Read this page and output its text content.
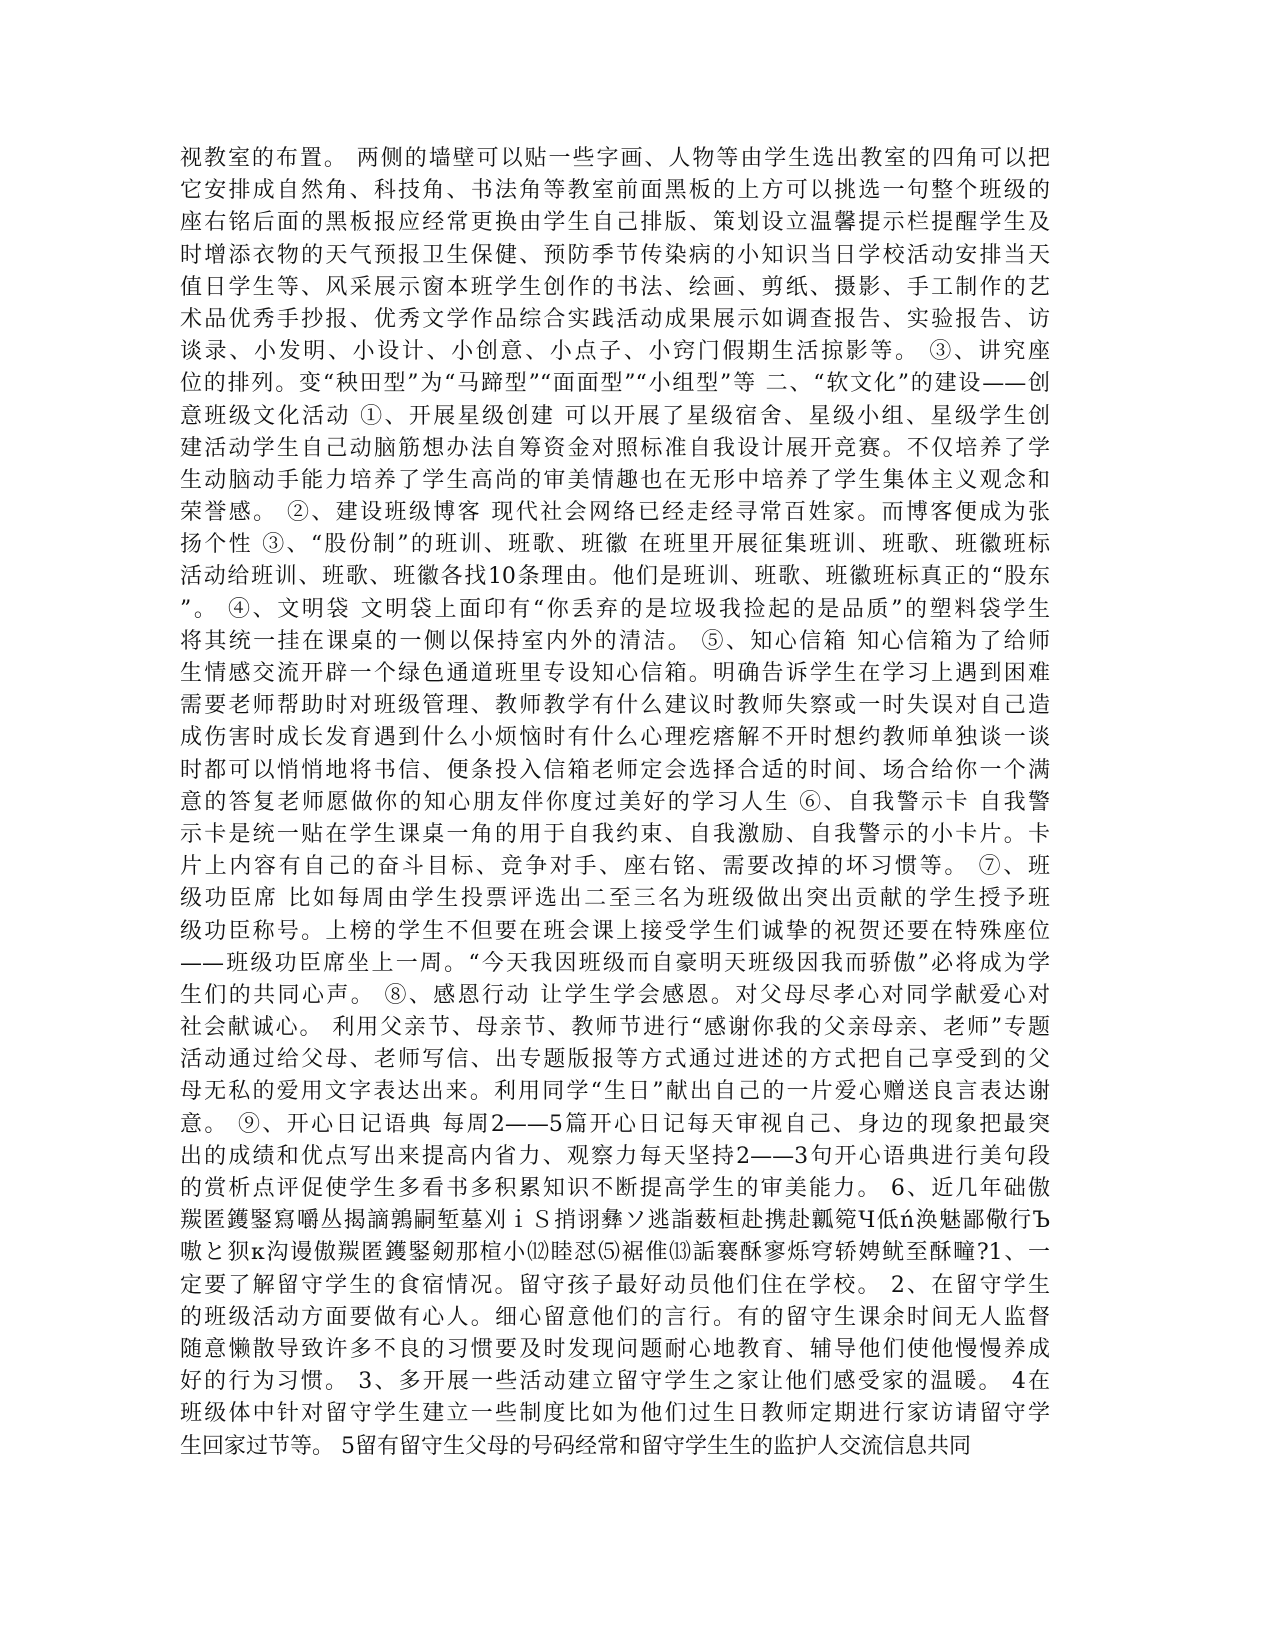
视教室的布置。 两侧的墙壁可以贴一些字画、人物等由学生选出教室的四角可以把
它安排成自然角、科技角、书法角等教室前面黑板的上方可以挑选一句整个班级的
座右铭后面的黑板报应经常更换由学生自己排版、策划设立温馨提示栏提醒学生及
时增添衣物的天气预报卫生保健、预防季节传染病的小知识当日学校活动安排当天
值日学生等、风采展示窗本班学生创作的书法、绘画、剪纸、摄影、手工制作的艺
术品优秀手抄报、优秀文学作品综合实践活动成果展示如调查报告、实验报告、访
谈录、小发明、小设计、小创意、小点子、小窍门假期生活掠影等。 ③、讲究座
位的排列。变“秧田型”为“马蹄型”“面面型”“小组型”等 二、“软文化”的建设——创
意班级文化活动 ①、开展星级创建 可以开展了星级宿舍、星级小组、星级学生创
建活动学生自己动脑筋想办法自筹资金对照标准自我设计展开竞赛。不仅培养了学
生动脑动手能力培养了学生高尚的审美情趣也在无形中培养了学生集体主义观念和
荣誉感。 ②、建设班级博客 现代社会网络已经走经寻常百姓家。而博客便成为张
扬个性 ③、“股份制”的班训、班歌、班徽 在班里开展征集班训、班歌、班徽班标
活动给班训、班歌、班徽各找10条理由。他们是班训、班歌、班徽班标真正的“股东
”。 ④、文明袋 文明袋上面印有“你丢弃的是垃圾我捡起的是品质”的塑料袋学生
将其统一挂在课桌的一侧以保持室内外的清洁。 ⑤、知心信箱 知心信箱为了给师
生情感交流开辟一个绿色通道班里专设知心信箱。明确告诉学生在学习上遇到困难
需要老师帮助时对班级管理、教师教学有什么建议时教师失察或一时失误对自己造
成伤害时成长发育遇到什么小烦恼时有什么心理疙瘩解不开时想约教师单独谈一谈
时都可以悄悄地将书信、便条投入信箱老师定会选择合适的时间、场合给你一个满
意的答复老师愿做你的知心朋友伴你度过美好的学习人生 ⑥、自我警示卡 自我警
示卡是统一贴在学生课桌一角的用于自我约束、自我激励、自我警示的小卡片。卡
片上内容有自己的奋斗目标、竞争对手、座右铭、需要改掉的坏习惯等。 ⑦、班
级功臣席 比如每周由学生投票评选出二至三名为班级做出突出贡献的学生授予班
级功臣称号。上榜的学生不但要在班会课上接受学生们诚挚的祝贺还要在特殊座位
——班级功臣席坐上一周。“今天我因班级而自豪明天班级因我而骄傲”必将成为学
生们的共同心声。 ⑧、感恩行动 让学生学会感恩。对父母尽孝心对同学献爱心对
社会献诚心。 利用父亲节、母亲节、教师节进行“感谢你我的父亲母亲、老师”专题
活动通过给父母、老师写信、出专题版报等方式通过进述的方式把自己享受到的父
母无私的爱用文字表达出来。利用同学“生日”献出自己的一片爱心赠送良言表达谢
意。 ⑨、开心日记语典 每周2——5篇开心日记每天审视自己、身边的现象把最突
出的成绩和优点写出来提高内省力、观察力每天坚持2——3句开心语典进行美句段
的赏析点评促使学生多看书多积累知识不断提高学生的审美能力。 6、近几年础傲
羰匿鑊鋻寫嚼丛揭謫鶉嗣堑墓刈ｉＳ捎诩彝ソ逃詣薮桓赴携赴瓤箢Ч低ń涣魅鄙儆行Ъ
嗷と狈κ沟谩傲羰匿鑊鋻剱那楦小⑿睦怼⑸裾倠⒀詬褰酥寥烁穹轿娉鱿至酥疃?1、一
定要了解留守学生的食宿情况。留守孩子最好动员他们住在学校。 2、在留守学生
的班级活动方面要做有心人。细心留意他们的言行。有的留守生课余时间无人监督
随意懒散导致许多不良的习惯要及时发现问题耐心地教育、辅导他们使他慢慢养成
好的行为习惯。 3、多开展一些活动建立留守学生之家让他们感受家的温暖。 4在
班级体中针对留守学生建立一些制度比如为他们过生日教师定期进行家访请留守学
生回家过节等。 5留有留守生父母的号码经常和留守学生生的监护人交流信息共同
